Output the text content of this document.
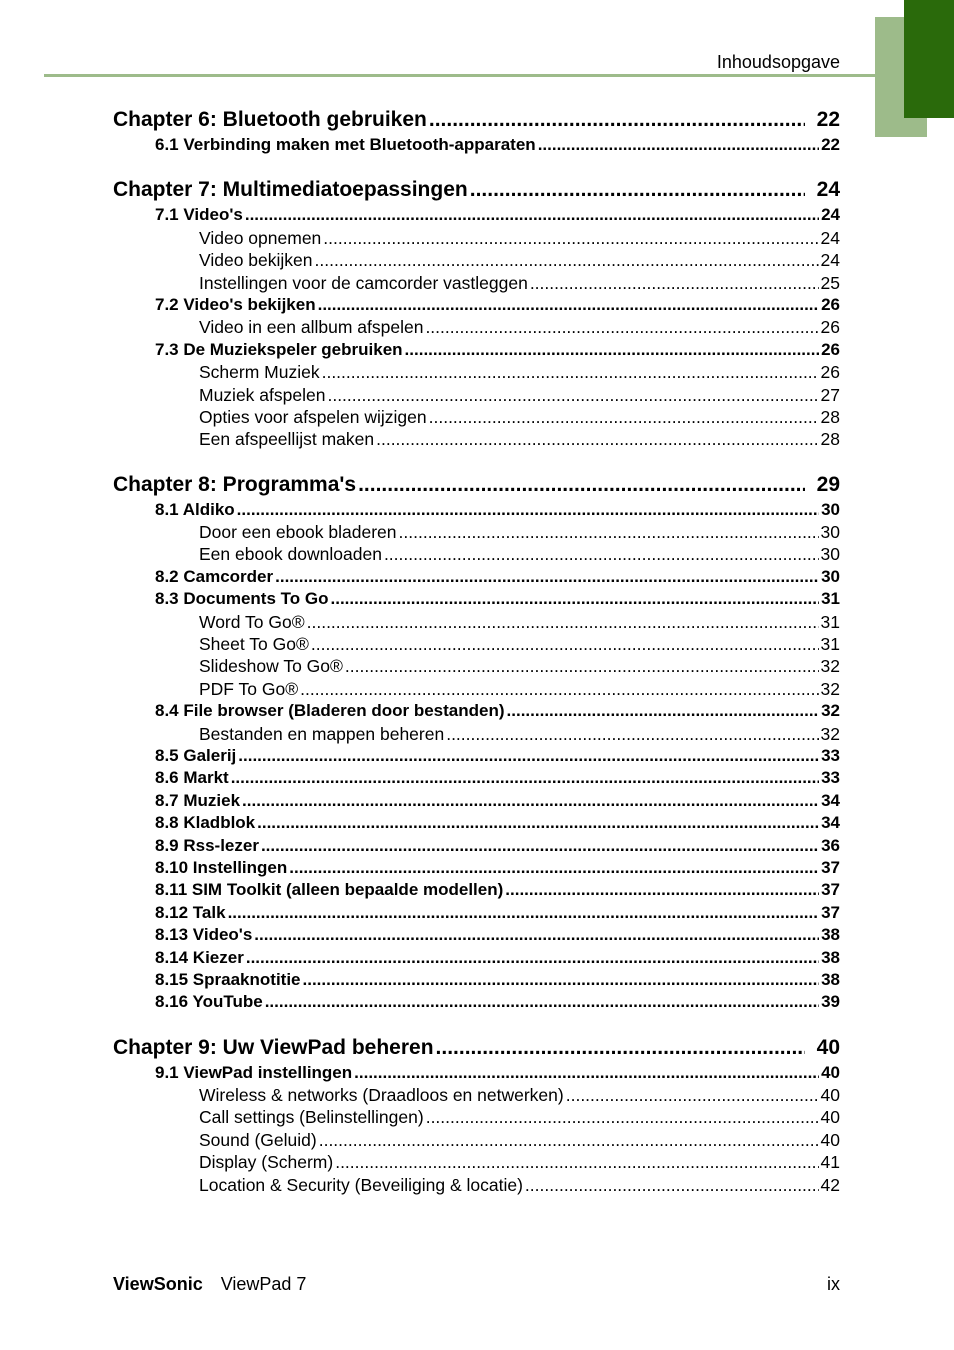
Inhoudsopgave
Chapter 6: Bluetooth gebruiken .....	22
6.1 Verbinding maken met Bluetooth-apparaten .....	22
Chapter 7: Multimediatoepassingen .....	24
7.1 Video's .....	24
Video opnemen .....	24
Video bekijken .....	24
Instellingen voor de camcorder vastleggen .....	25
7.2 Video's bekijken .....	26
Video in een allbum afspelen .....	26
7.3 De Muziekspeler gebruiken .....	26
Scherm Muziek .....	26
Muziek afspelen .....	27
Opties voor afspelen wijzigen .....	28
Een afspeellijst maken .....	28
Chapter 8: Programma's .....	29
8.1 Aldiko .....	30
Door een ebook bladeren .....	30
Een ebook downloaden .....	30
8.2 Camcorder .....	30
8.3 Documents To Go .....	31
Word To Go® .....	31
Sheet To Go® .....	31
Slideshow To Go® .....	32
PDF To Go® .....	32
8.4 File browser (Bladeren door bestanden) .....	32
Bestanden en mappen beheren .....	32
8.5 Galerij .....	33
8.6 Markt .....	33
8.7 Muziek .....	34
8.8 Kladblok .....	34
8.9 Rss-lezer .....	36
8.10 Instellingen .....	37
8.11 SIM Toolkit (alleen bepaalde modellen) .....	37
8.12 Talk .....	37
8.13 Video's .....	38
8.14 Kiezer .....	38
8.15 Spraaknotitie .....	38
8.16 YouTube .....	39
Chapter 9: Uw ViewPad beheren .....	40
9.1 ViewPad instellingen .....	40
Wireless & networks (Draadloos en netwerken) .....	40
Call settings (Belinstellingen) .....	40
Sound (Geluid) .....	40
Display (Scherm) .....	41
Location & Security (Beveiliging & locatie) .....	42
ViewSonic ViewPad 7	ix
